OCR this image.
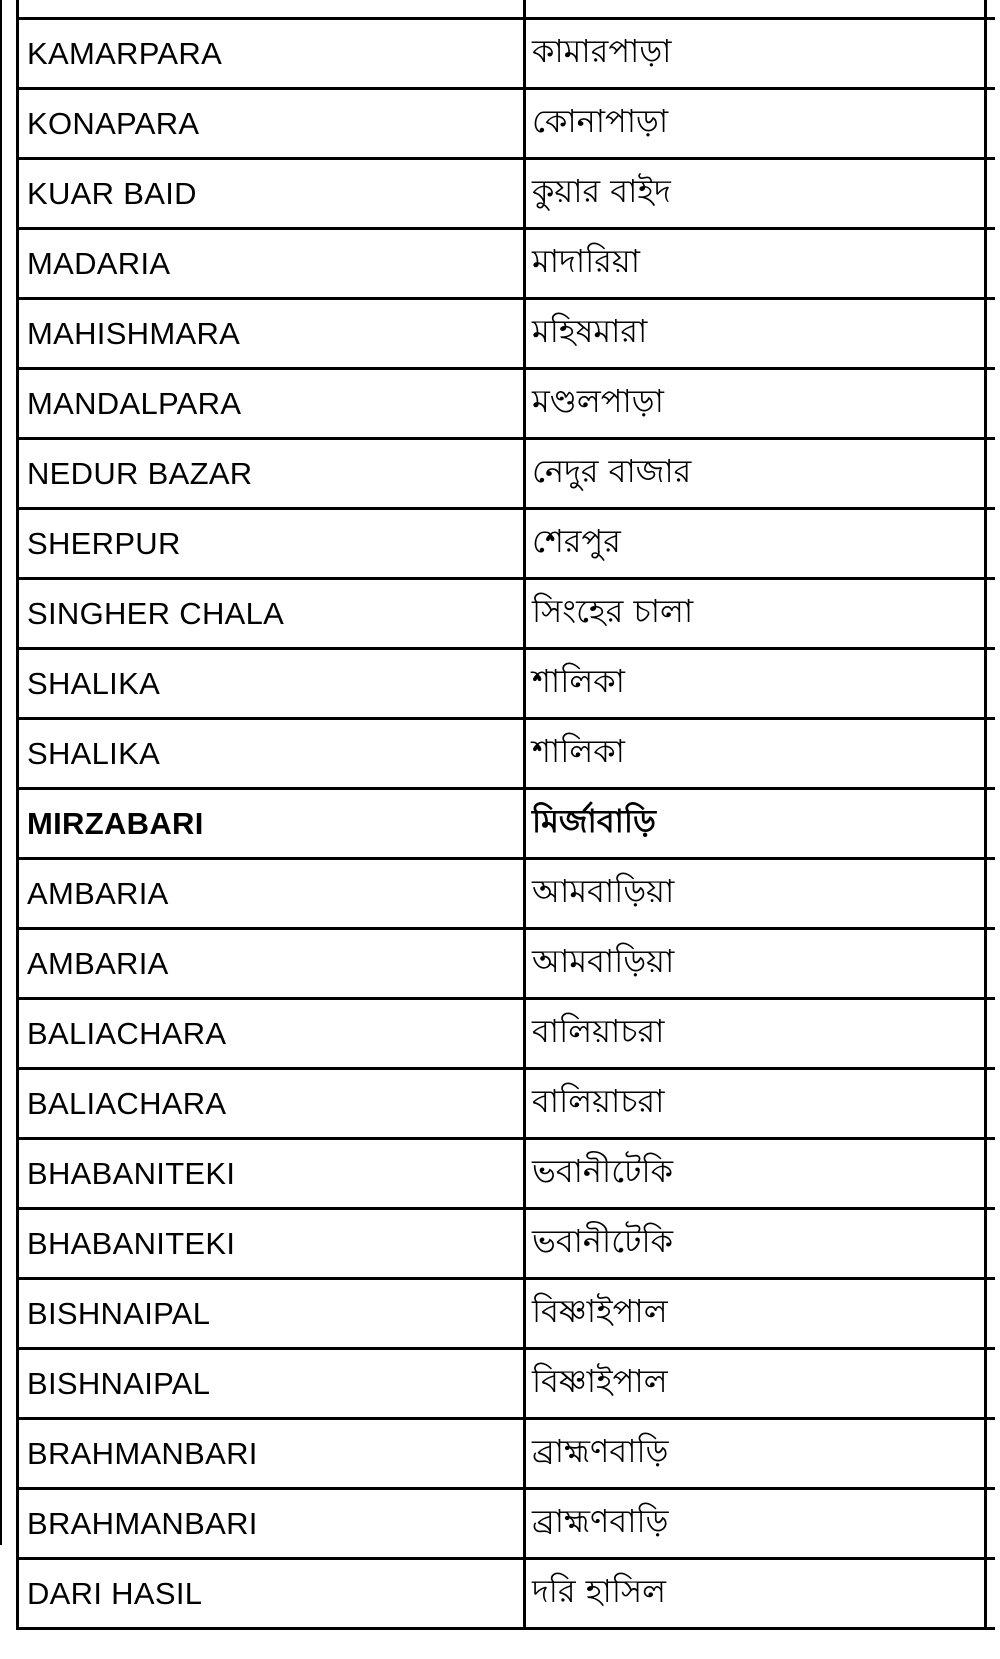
KAMARPARA	কামারপাড়া	
KONAPARA	কোনাপাড়া	
KUAR BAID	কুয়ার বাইদ	
MADARIA	মাদারিয়া	
MAHISHMARA	মহিষমারা	
MANDALPARA	মণ্ডলপাড়া	
NEDUR BAZAR	নেদুর বাজার	
SHERPUR	শেরপুর	
SINGHER CHALA	সিংহের চালা	
SHALIKA	শালিকা	
SHALIKA	শালিকা	
MIRZABARI	মির্জাবাড়ি	
AMBARIA	আমবাড়িয়া	
AMBARIA	আমবাড়িয়া	
BALIACHARA	বালিয়াচরা	
BALIACHARA	বালিয়াচরা	
BHABANITEKI	ভবানীটেকি	
BHABANITEKI	ভবানীটেকি	
BISHNAIPAL	বিষ্ণাইপাল	
BISHNAIPAL	বিষ্ণাইপাল	
BRAHMANBARI	ব্রাহ্মণবাড়ি	
BRAHMANBARI	ব্রাহ্মণবাড়ি	
DARI HASIL	দরি হাসিল	
